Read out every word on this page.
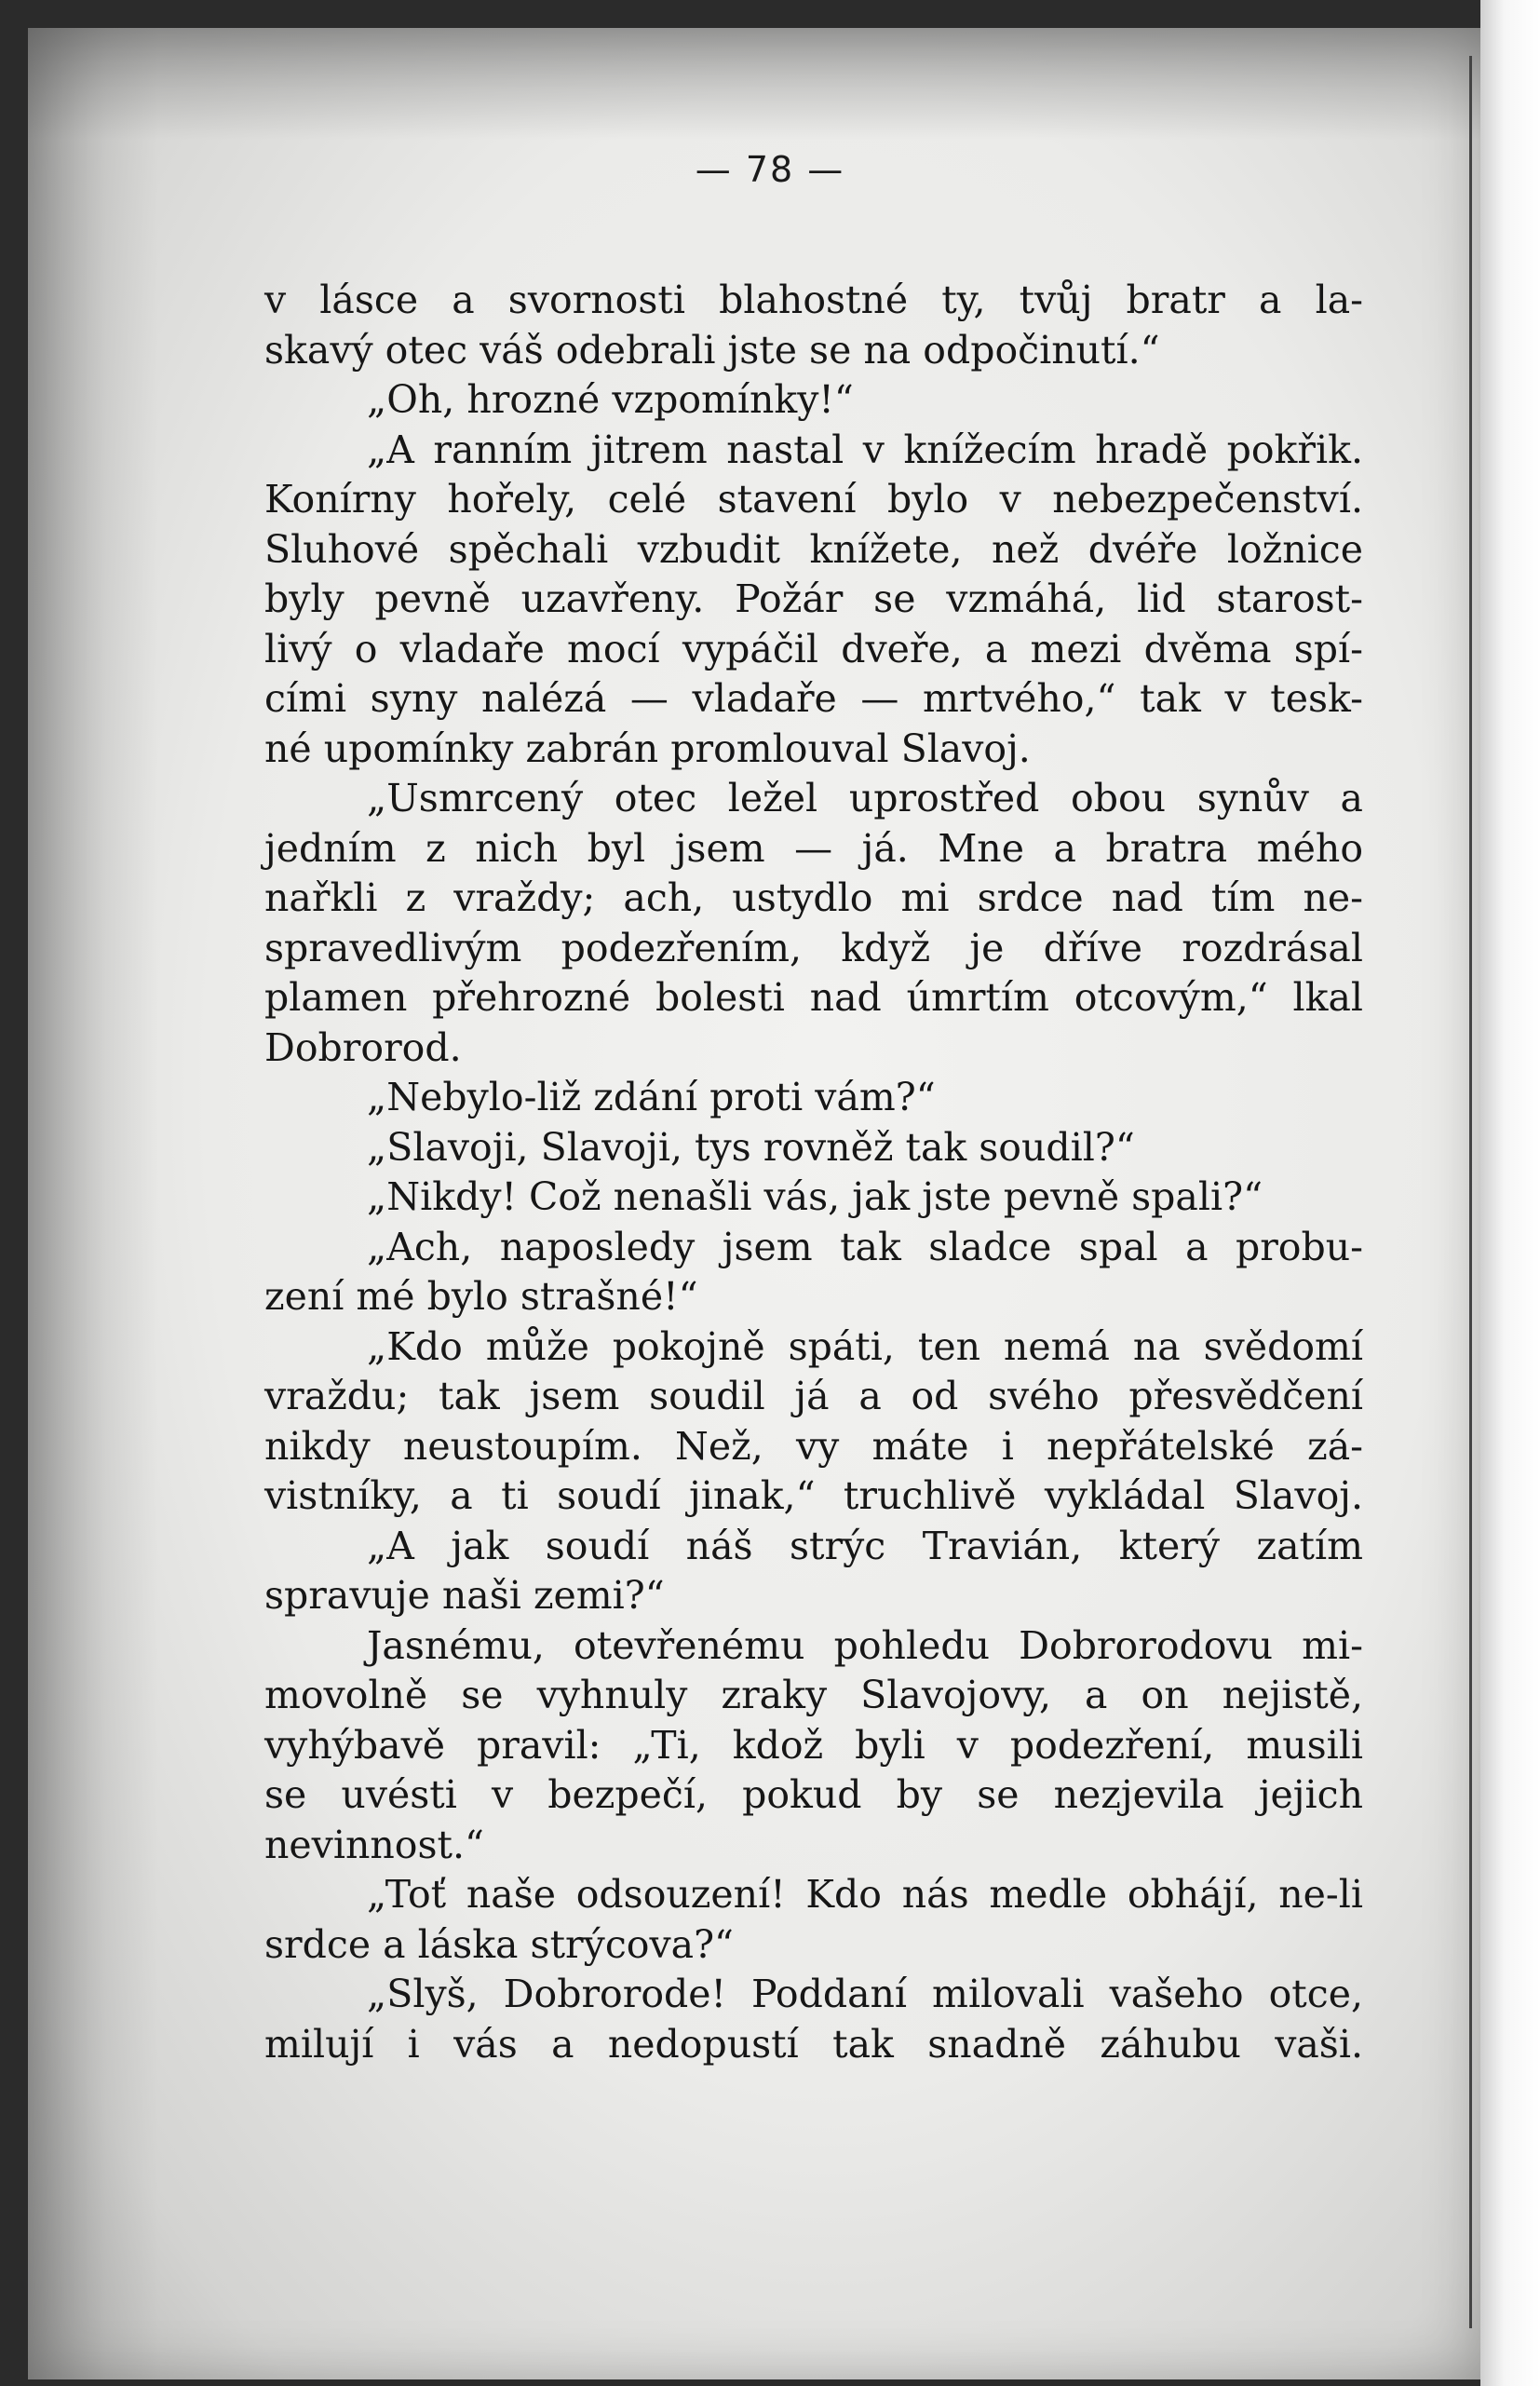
— 78 —
v lásce a svornosti blahostné ty, tvůj bratr a la-
skavý otec váš odebrali jste se na odpočinutí.“
„Oh, hrozné vzpomínky!“
„A ranním jitrem nastal v knížecím hradě pokřik.
Konírny hořely, celé stavení bylo v nebezpečenství.
Sluhové spěchali vzbudit knížete, než dvéře ložnice
byly pevně uzavřeny. Požár se vzmáhá, lid starost-
livý o vladaře mocí vypáčil dveře, a mezi dvěma spí-
cími syny nalézá — vladaře — mrtvého,“ tak v tesk-
né upomínky zabrán promlouval Slavoj.
„Usmrcený otec ležel uprostřed obou synův a
jedním z nich byl jsem — já. Mne a bratra mého
nařkli z vraždy; ach, ustydlo mi srdce nad tím ne-
spravedlivým podezřením, když je dříve rozdrásal
plamen přehrozné bolesti nad úmrtím otcovým,“ lkal
Dobrorod.
„Nebylo-liž zdání proti vám?“
„Slavoji, Slavoji, tys rovněž tak soudil?“
„Nikdy! Což nenašli vás, jak jste pevně spali?“
„Ach, naposledy jsem tak sladce spal a probu-
zení mé bylo strašné!“
„Kdo může pokojně spáti, ten nemá na svědomí
vraždu; tak jsem soudil já a od svého přesvědčení
nikdy neustoupím. Než, vy máte i nepřátelské zá-
vistníky, a ti soudí jinak,“ truchlivě vykládal Slavoj.
„A jak soudí náš strýc Travián, který zatím
spravuje naši zemi?“
Jasnému, otevřenému pohledu Dobrorodovu mi-
movolně se vyhnuly zraky Slavojovy, a on nejistě,
vyhýbavě pravil: „Ti, kdož byli v podezření, musili
se uvésti v bezpečí, pokud by se nezjevila jejich
nevinnost.“
„Toť naše odsouzení! Kdo nás medle obhájí, ne-li
srdce a láska strýcova?“
„Slyš, Dobrorode! Poddaní milovali vašeho otce,
milují i vás a nedopustí tak snadně záhubu vaši.
